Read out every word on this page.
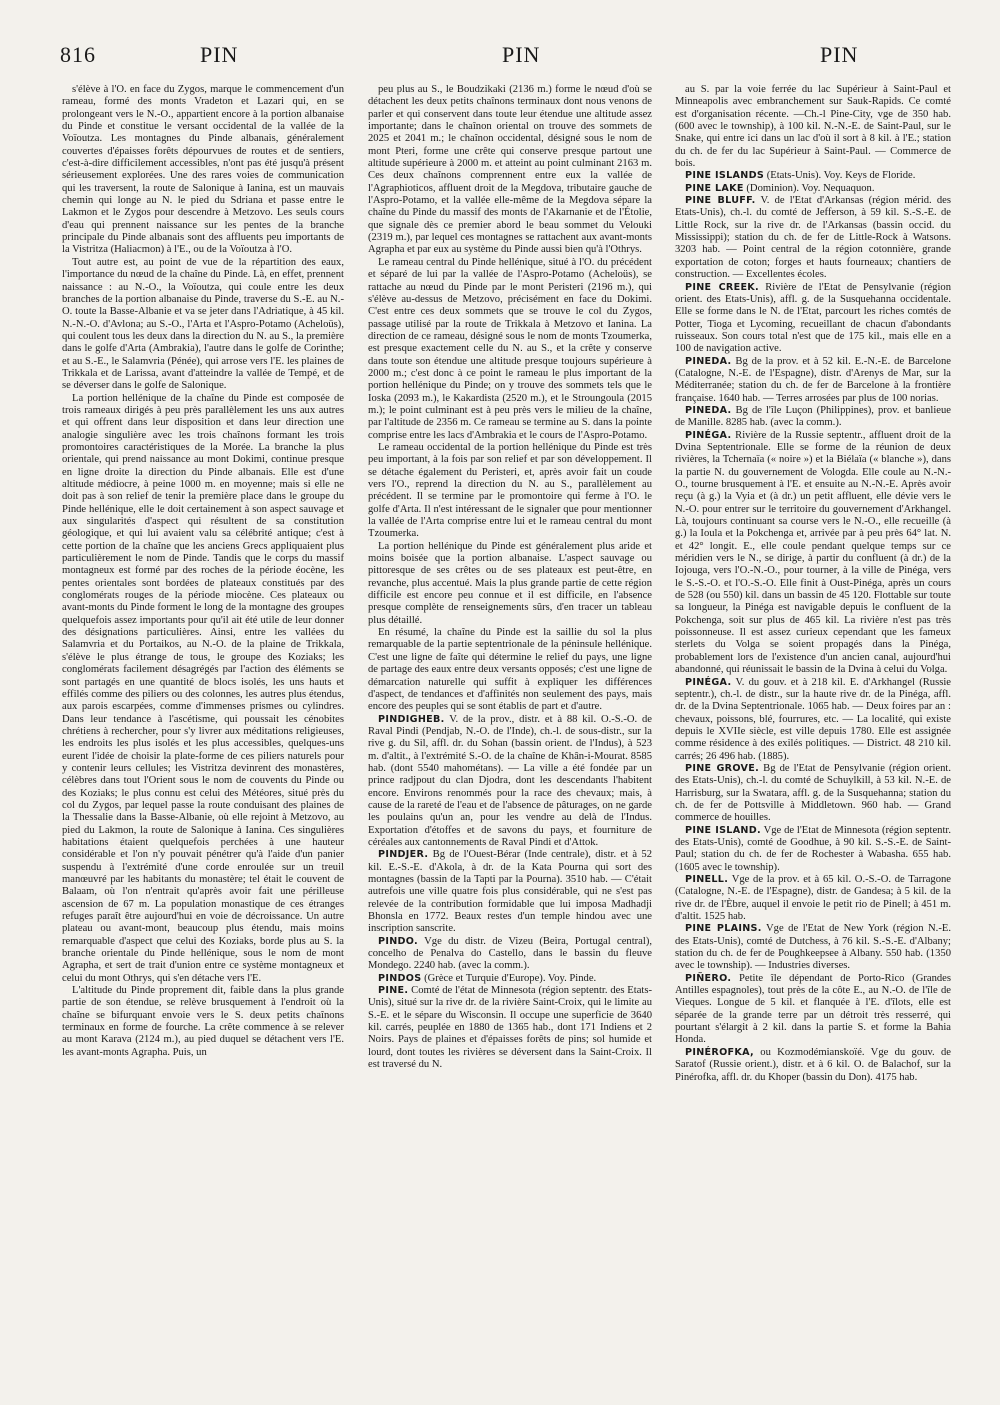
816	PIN	PIN	PIN

s'élève à l'O. en face du Zygos, marque le commencement d'un rameau, formé des monts Vradeton et Lazari qui, en se prolongeant vers le N.-O., appartient encore à la portion albanaise du Pinde et constitue le versant occidental de la vallée de la Voïoutza. Les montagnes du Pinde albanais, généralement couvertes d'épaisses forêts dépourvues de routes et de sentiers, c'est-à-dire difficilement accessibles, n'ont pas été jusqu'à présent sérieusement explorées. Une des rares voies de communication qui les traversent, la route de Salonique à Ianina, est un mauvais chemin qui longe au N. le pied du Sdriana et passe entre le Lakmon et le Zygos pour descendre à Metzovo. Les seuls cours d'eau qui prennent naissance sur les pentes de la branche principale du Pinde albanais sont des affluents peu importants de la Vistritza (Haliacmon) à l'E., ou de la Voïoutza à l'O.

Tout autre est, au point de vue de la répartition des eaux, l'importance du nœud de la chaîne du Pinde. Là, en effet, prennent naissance : au N.-O., la Voïoutza, qui coule entre les deux branches de la portion albanaise du Pinde, traverse du S.-E. au N.-O. toute la Basse-Albanie et va se jeter dans l'Adriatique, à 45 kil. N.-N.-O. d'Avlona; au S.-O., l'Arta et l'Aspro-Potamo (Acheloüs), qui coulent tous les deux dans la direction du N. au S., la première dans le golfe d'Arta (Ambrakia), l'autre dans le golfe de Corinthe; et au S.-E., le Salamvria (Pénée), qui arrose vers l'E. les plaines de Trikkala et de Larissa, avant d'atteindre la vallée de Tempé, et de se déverser dans le golfe de Salonique.

La portion hellénique de la chaîne du Pinde est composée de trois rameaux dirigés à peu près parallèlement les uns aux autres et qui offrent dans leur disposition et dans leur direction une analogie singulière avec les trois chaînons formant les trois promontoires caractéristiques de la Morée. La branche la plus orientale, qui prend naissance au mont Dokimi, continue presque en ligne droite la direction du Pinde albanais. Elle est d'une altitude médiocre, à peine 1000 m. en moyenne; mais si elle ne doit pas à son relief de tenir la première place dans le groupe du Pinde hellénique, elle le doit certainement à son aspect sauvage et aux singularités d'aspect qui résultent de sa constitution géologique, et qui lui avaient valu sa célébrité antique; c'est à cette portion de la chaîne que les anciens Grecs appliquaient plus particulièrement le nom de Pinde. Tandis que le corps du massif montagneux est formé par des roches de la période éocène, les pentes orientales sont bordées de plateaux constitués par des conglomérats rouges de la période miocène. Ces plateaux ou avant-monts du Pinde forment le long de la montagne des groupes quelquefois assez importants pour qu'il ait été utile de leur donner des désignations particulières. Ainsi, entre les vallées du Salamvria et du Portaikos, au N.-O. de la plaine de Trikkala, s'élève le plus étrange de tous, le groupe des Koziaks; les conglomérats facilement désagrégés par l'action des éléments se sont partagés en une quantité de blocs isolés, les uns hauts et effilés comme des piliers ou des colonnes, les autres plus étendus, aux parois escarpées, comme d'immenses prismes ou cylindres. Dans leur tendance à l'ascétisme, qui poussait les cénobites chrétiens à rechercher, pour s'y livrer aux méditations religieuses, les endroits les plus isolés et les plus accessibles, quelques-uns eurent l'idée de choisir la plate-forme de ces piliers naturels pour y contenir leurs cellules; les Vistritza devinrent des monastères, célèbres dans tout l'Orient sous le nom de couvents du Pinde ou des Koziaks; le plus connu est celui des Météores, situé près du col du Zygos, par lequel passe la route conduisant des plaines de la Thessalie dans la Basse-Albanie, où elle rejoint à Metzovo, au pied du Lakmon, la route de Salonique à Ianina. Ces singulières habitations étaient quelquefois perchées à une hauteur considérable et l'on n'y pouvait pénétrer qu'à l'aide d'un panier suspendu à l'extrémité d'une corde enroulée sur un treuil manœuvré par les habitants du monastère; tel était le couvent de Balaam, où l'on n'entrait qu'après avoir fait une périlleuse ascension de 67 m. La population monastique de ces étranges refuges paraît être aujourd'hui en voie de décroissance. Un autre plateau ou avant-mont, beaucoup plus étendu, mais moins remarquable d'aspect que celui des Koziaks, borde plus au S. la branche orientale du Pinde hellénique, sous le nom de mont Agrapha, et sert de trait d'union entre ce système montagneux et celui du mont Othrys, qui s'en détache vers l'E.

L'altitude du Pinde proprement dit, faible dans la plus grande partie de son étendue, se relève brusquement à l'endroit où la chaîne se bifurquant envoie vers le S. deux petits chaînons terminaux en forme de fourche. La crête commence à se relever au mont Karava (2124 m.), au pied duquel se détachent vers l'E. les avant-monts Agrapha. Puis, un

peu plus au S., le Boudzikaki (2136 m.) forme le nœud d'où se détachent les deux petits chaînons terminaux dont nous venons de parler et qui conservent dans toute leur étendue une altitude assez importante; dans le chaînon oriental on trouve des sommets de 2025 et 2041 m.; le chaînon occidental, désigné sous le nom de mont Pteri, forme une crête qui conserve presque partout une altitude supérieure à 2000 m. et atteint au point culminant 2163 m. Ces deux chaînons comprennent entre eux la vallée de l'Agraphioticos, affluent droit de la Megdova, tributaire gauche de l'Aspro-Potamo, et la vallée elle-même de la Megdova sépare la chaîne du Pinde du massif des monts de l'Akarnanie et de l'Étolie, que signale dès ce premier abord le beau sommet du Velouki (2319 m.), par lequel ces montagnes se rattachent aux avant-monts Agrapha et par eux au système du Pinde aussi bien qu'à l'Othrys.

Le rameau central du Pinde hellénique, situé à l'O. du précédent et séparé de lui par la vallée de l'Aspro-Potamo (Acheloüs), se rattache au nœud du Pinde par le mont Peristeri (2196 m.), qui s'élève au-dessus de Metzovo, précisément en face du Dokimi. C'est entre ces deux sommets que se trouve le col du Zygos, passage utilisé par la route de Trikkala à Metzovo et Ianina. La direction de ce rameau, désigné sous le nom de monts Tzoumerka, est presque exactement celle du N. au S., et la crête y conserve dans toute son étendue une altitude presque toujours supérieure à 2000 m.; c'est donc à ce point le rameau le plus important de la portion hellénique du Pinde; on y trouve des sommets tels que le Ioska (2093 m.), le Kakardista (2520 m.), et le Stroungoula (2015 m.); le point culminant est à peu près vers le milieu de la chaîne, par l'altitude de 2356 m. Ce rameau se termine au S. dans la pointe comprise entre les lacs d'Ambrakia et le cours de l'Aspro-Potamo.

Le rameau occidental de la portion hellénique du Pinde est très peu important, à la fois par son relief et par son développement. Il se détache également du Peristeri, et, après avoir fait un coude vers l'O., reprend la direction du N. au S., parallèlement au précédent. Il se termine par le promontoire qui ferme à l'O. le golfe d'Arta. Il n'est intéressant de le signaler que pour mentionner la vallée de l'Arta comprise entre lui et le rameau central du mont Tzoumerka.

La portion hellénique du Pinde est généralement plus aride et moins boisée que la portion albanaise. L'aspect sauvage ou pittoresque de ses crêtes ou de ses plateaux est peut-être, en revanche, plus accentué. Mais la plus grande partie de cette région difficile est encore peu connue et il est difficile, en l'absence presque complète de renseignements sûrs, d'en tracer un tableau plus détaillé.

En résumé, la chaîne du Pinde est la saillie du sol la plus remarquable de la partie septentrionale de la péninsule hellénique. C'est une ligne de faîte qui détermine le relief du pays, une ligne de partage des eaux entre deux versants opposés; c'est une ligne de démarcation naturelle qui suffit à expliquer les différences d'aspect, de tendances et d'affinités non seulement des pays, mais encore des peuples qui se sont établis de part et d'autre.

PINDIGHEB. V. de la prov., distr. et à 88 kil. O.-S.-O. de Raval Pindi (Pendjab, N.-O. de l'Inde), ch.-l. de sous-distr., sur la rive g. du Sil, affl. dr. du Sohan (bassin orient. de l'Indus), à 523 m. d'altit., à l'extrémité S.-O. de la chaîne de Khân-i-Mourat. 8585 hab. (dont 5540 mahométans). — La ville a été fondée par un prince radjpout du clan Djodra, dont les descendants l'habitent encore. Environs renommés pour la race des chevaux; mais, à cause de la rareté de l'eau et de l'absence de pâturages, on ne garde les poulains qu'un an, pour les vendre au delà de l'Indus. Exportation d'étoffes et de savons du pays, et fourniture de céréales aux cantonnements de Raval Pindi et d'Attok.

PINDJER. Bg de l'Ouest-Bérar (Inde centrale), distr. et à 52 kil. E.-S.-E. d'Akola, à dr. de la Kata Pourna qui sort des montagnes (bassin de la Tapti par la Pourna). 3510 hab. — C'était autrefois une ville quatre fois plus considérable, qui ne s'est pas relevée de la contribution formidable que lui imposa Madhadji Bhonsla en 1772. Beaux restes d'un temple hindou avec une inscription sanscrite.

PINDO. Vge du distr. de Vizeu (Beira, Portugal central), concelho de Penalva do Castello, dans le bassin du fleuve Mondego. 2240 hab. (avec la comm.).

PINDOS (Grèce et Turquie d'Europe). Voy. Pinde.

PINE. Comté de l'état de Minnesota (région septentr. des Etats-Unis), situé sur la rive dr. de la rivière Saint-Croix, qui le limite au S.-E. et le sépare du Wisconsin. Il occupe une superficie de 3640 kil. carrés, peuplée en 1880 de 1365 hab., dont 171 Indiens et 2 Noirs. Pays de plaines et d'épaisses forêts de pins; sol humide et lourd, dont toutes les rivières se déversent dans la Saint-Croix. Il est traversé du N.

au S. par la voie ferrée du lac Supérieur à Saint-Paul et Minneapolis avec embranchement sur Sauk-Rapids. Ce comté est d'organisation récente. —Ch.-l Pine-City, vge de 350 hab. (600 avec le township), à 100 kil. N.-N.-E. de Saint-Paul, sur le Snake, qui entre ici dans un lac d'où il sort à 8 kil. à l'E.; station du ch. de fer du lac Supérieur à Saint-Paul. — Commerce de bois.

PINE ISLANDS (Etats-Unis). Voy. Keys de Floride.

PINE LAKE (Dominion). Voy. Nequaquon.

PINE BLUFF. V. de l'Etat d'Arkansas (région mérid. des Etats-Unis), ch.-l. du comté de Jefferson, à 59 kil. S.-S.-E. de Little Rock, sur la rive dr. de l'Arkansas (bassin occid. du Mississippi); station du ch. de fer de Little-Rock à Watsons. 3203 hab. — Point central de la région cotonnière, grande exportation de coton; forges et hauts fourneaux; chantiers de construction. — Excellentes écoles.

PINE CREEK. Rivière de l'Etat de Pensylvanie (région orient. des Etats-Unis), affl. g. de la Susquehanna occidentale. Elle se forme dans le N. de l'Etat, parcourt les riches comtés de Potter, Tioga et Lycoming, recueillant de chacun d'abondants ruisseaux. Son cours total n'est que de 175 kil., mais elle en a 100 de navigation active.

PINEDA. Bg de la prov. et à 52 kil. E.-N.-E. de Barcelone (Catalogne, N.-E. de l'Espagne), distr. d'Arenys de Mar, sur la Méditerranée; station du ch. de fer de Barcelone à la frontière française. 1640 hab. — Terres arrosées par plus de 100 norias.

PINEDA. Bg de l'île Luçon (Philippines), prov. et banlieue de Manille. 8285 hab. (avec la comm.).

PINÉGA. Rivière de la Russie septentr., affluent droit de la Dvina Septentrionale. Elle se forme de la réunion de deux rivières, la Tchernaïa (« noire ») et la Biélaïa (« blanche »), dans la partie N. du gouvernement de Vologda. Elle coule au N.-N.-O., tourne brusquement à l'E. et ensuite au N.-N.-E. Après avoir reçu (à g.) la Vyia et (à dr.) un petit affluent, elle dévie vers le N.-O. pour entrer sur le territoire du gouvernement d'Arkhangel. Là, toujours continuant sa course vers le N.-O., elle recueille (à g.) la Ioula et la Pokchenga et, arrivée par à peu près 64° lat. N. et 42° longit. E., elle coule pendant quelque temps sur ce méridien vers le N., se dirige, à partir du confluent (à dr.) de la Iojouga, vers l'O.-N.-O., pour tourner, à la ville de Pinéga, vers le S.-S.-O. et l'O.-S.-O. Elle finit à Oust-Pinéga, après un cours de 528 (ou 550) kil. dans un bassin de 45 120. Flottable sur toute sa longueur, la Pinéga est navigable depuis le confluent de la Pokchenga, soit sur plus de 465 kil. La rivière n'est pas très poissonneuse. Il est assez curieux cependant que les fameux sterlets du Volga se soient propagés dans la Pinéga, probablement lors de l'existence d'un ancien canal, aujourd'hui abandonné, qui réunissait le bassin de la Dvina à celui du Volga.

PINÉGA. V. du gouv. et à 218 kil. E. d'Arkhangel (Russie septentr.), ch.-l. de distr., sur la haute rive dr. de la Pinéga, affl. dr. de la Dvina Septentrionale. 1065 hab. — Deux foires par an : chevaux, poissons, blé, fourrures, etc. — La localité, qui existe depuis le XVIIe siècle, est ville depuis 1780. Elle est assignée comme résidence à des exilés politiques. — District. 48 210 kil. carrés; 26 496 hab. (1885).

PINE GROVE. Bg de l'Etat de Pensylvanie (région orient. des Etats-Unis), ch.-l. du comté de Schuylkill, à 53 kil. N.-E. de Harrisburg, sur la Swatara, affl. g. de la Susquehanna; station du ch. de fer de Pottsville à Middletown. 960 hab. — Grand commerce de houilles.

PINE ISLAND. Vge de l'Etat de Minnesota (région septentr. des Etats-Unis), comté de Goodhue, à 90 kil. S.-S.-E. de Saint-Paul; station du ch. de fer de Rochester à Wabasha. 655 hab. (1605 avec le township).

PINELL. Vge de la prov. et à 65 kil. O.-S.-O. de Tarragone (Catalogne, N.-E. de l'Espagne), distr. de Gandesa; à 5 kil. de la rive dr. de l'Èbre, auquel il envoie le petit rio de Pinell; à 451 m. d'altit. 1525 hab.

PINE PLAINS. Vge de l'Etat de New York (région N.-E. des Etats-Unis), comté de Dutchess, à 76 kil. S.-S.-E. d'Albany; station du ch. de fer de Poughkeepsee à Albany. 550 hab. (1350 avec le township). — Industries diverses.

PIÑERO. Petite île dépendant de Porto-Rico (Grandes Antilles espagnoles), tout près de la côte E., au N.-O. de l'île de Vieques. Longue de 5 kil. et flanquée à l'E. d'îlots, elle est séparée de la grande terre par un détroit très resserré, qui pourtant s'élargit à 2 kil. dans la partie S. et forme la Bahia Honda.

PINÉROFKA, ou Kozmodémianskoïé. Vge du gouv. de Saratof (Russie orient.), distr. et à 6 kil. O. de Balachof, sur la Pinérofka, affl. dr. du Khoper (bassin du Don). 4175 hab.
